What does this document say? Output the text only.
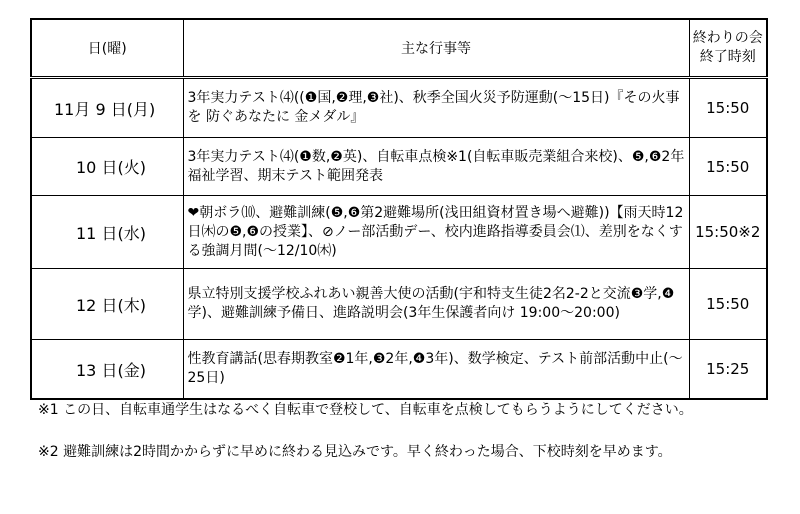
日(曜)	主な行事等	終わりの会
終了時刻

11月 9 日(月)	3年実力テスト⑷((❶国,❷理,❸社)、秋季全国火災予防運動(～15日)『その火事を 防ぐあなたに 金メダル』	15:50

10 日(火)	3年実力テスト⑷(❶数,❷英)、自転車点検※1(自転車販売業組合来校)、❺,❻2年福祉学習、期末テスト範囲発表	15:50

11 日(水)	❤朝ボラ⑽、避難訓練(❺,❻第2避難場所(浅田組資材置き場へ避難))【雨天時12日㈭の❺,❻の授業】、⊘ノー部活動デー、校内進路指導委員会⑴、差別をなくする強調月間(～12/10㈭)	15:50※2

12 日(木)	県立特別支援学校ふれあい親善大使の活動(宇和特支生徒2名2-2と交流❸学,❹学)、避難訓練予備日、進路説明会(3年生保護者向け 19:00～20:00)	15:50

13 日(金)	性教育講話(思春期教室❷1年,❸2年,❹3年)、数学検定、テスト前部活動中止(～25日)	15:25

※1 この日、自転車通学生はなるべく自転車で登校して、自転車を点検してもらうようにしてください。

※2 避難訓練は2時間かからずに早めに終わる見込みです。早く終わった場合、下校時刻を早めます。
